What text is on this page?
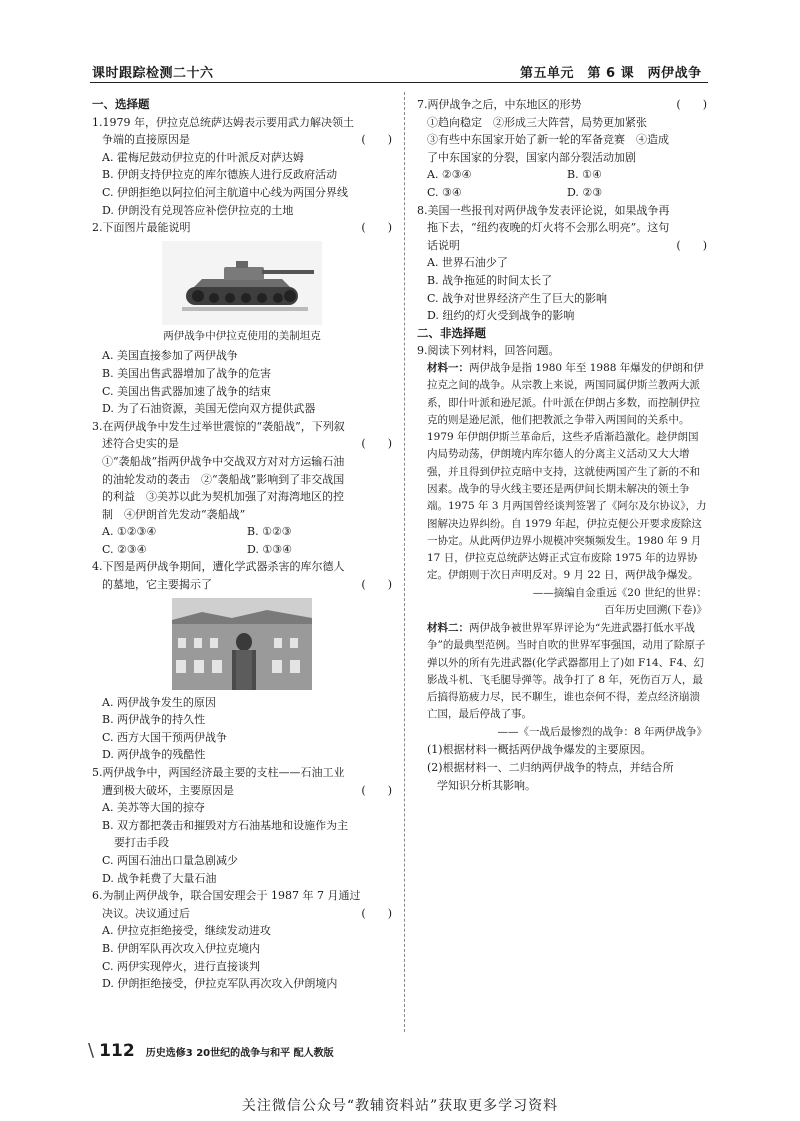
课时跟踪检测二十六	第五单元　第 6 课　两伊战争
一、选择题
1.1979 年，伊拉克总统萨达姆表示要用武力解决领土
争端的直接原因是	(　　)
A. 霍梅尼鼓动伊拉克的什叶派反对萨达姆
B. 伊朗支持伊拉克的库尔德族人进行反政府活动
C. 伊朗拒绝以阿拉伯河主航道中心线为两国分界线
D. 伊朗没有兑现答应补偿伊拉克的土地
2.下面图片最能说明	(　　)
两伊战争中伊拉克使用的美制坦克
A. 美国直接参加了两伊战争
B. 美国出售武器增加了战争的危害
C. 美国出售武器加速了战争的结束
D. 为了石油资源，美国无偿向双方提供武器
3.在两伊战争中发生过举世震惊的“袭船战”，下列叙
述符合史实的是	(　　)
①“袭船战”指两伊战争中交战双方对对方运输石油
的油轮发动的袭击　②“袭船战”影响到了非交战国
的利益　③美苏以此为契机加强了对海湾地区的控
制　④伊朗首先发动“袭船战”
A. ①②③④	B. ①②③
C. ②③④	D. ①③④
4.下图是两伊战争期间，遭化学武器杀害的库尔德人
的墓地，它主要揭示了	(　　)
A. 两伊战争发生的原因
B. 两伊战争的持久性
C. 西方大国干预两伊战争
D. 两伊战争的残酷性
5.两伊战争中，两国经济最主要的支柱——石油工业
遭到极大破坏，主要原因是	(　　)
A. 美苏等大国的掠夺
B. 双方都把袭击和摧毁对方石油基地和设施作为主
要打击手段
C. 两国石油出口量急剧减少
D. 战争耗费了大量石油
6.为制止两伊战争，联合国安理会于 1987 年 7 月通过
决议。决议通过后	(　　)
A. 伊拉克拒绝接受，继续发动进攻
B. 伊朗军队再次攻入伊拉克境内
C. 两伊实现停火，进行直接谈判
D. 伊朗拒绝接受，伊拉克军队再次攻入伊朗境内
7.两伊战争之后，中东地区的形势	(　　)
①趋向稳定　②形成三大阵营，局势更加紧张
③有些中东国家开始了新一轮的军备竞赛　④造成
了中东国家的分裂，国家内部分裂活动加剧
A. ②③④	B. ①④
C. ③④	D. ②③
8.美国一些报刊对两伊战争发表评论说，如果战争再
拖下去，“纽约夜晚的灯火将不会那么明亮”。这句
话说明	(　　)
A. 世界石油少了
B. 战争拖延的时间太长了
C. 战争对世界经济产生了巨大的影响
D. 纽约的灯火受到战争的影响
二、非选择题
9.阅读下列材料，回答问题。
材料一：两伊战争是指 1980 年至 1988 年爆发的伊朗和伊拉克之间的战争。从宗教上来说，两国同属伊斯兰教两大派系，即什叶派和逊尼派。什叶派在伊朗占多数，而控制伊拉克的则是逊尼派，他们把教派之争带入两国间的关系中。1979 年伊朗伊斯兰革命后，这些矛盾渐趋激化。趁伊朗国内局势动荡，伊朗境内库尔德人的分离主义活动又大大增强，并且得到伊拉克暗中支持，这就使两国产生了新的不和因素。战争的导火线主要还是两伊间长期未解决的领土争端。1975 年 3 月两国曾经谈判签署了《阿尔及尔协议》，力图解决边界纠纷。自 1979 年起，伊拉克便公开要求废除这一协定。从此两伊边界小规模冲突频频发生。1980 年 9 月 17 日，伊拉克总统萨达姆正式宣布废除 1975 年的边界协定。伊朗则于次日声明反对。9 月 22 日，两伊战争爆发。
——摘编自金重远《20 世纪的世界：
百年历史回溯(下卷)》
材料二：两伊战争被世界军界评论为“先进武器打低水平战争”的最典型范例。当时自吹的世界军事强国，动用了除原子弹以外的所有先进武器(化学武器都用上了)如 F14、F4、幻影战斗机、飞毛腿导弹等。战争打了 8 年，死伤百万人，最后搞得筋疲力尽，民不聊生，谁也奈何不得，差点经济崩溃亡国，最后停战了事。
——《一战后最惨烈的战争：8 年两伊战争》
(1)根据材料一概括两伊战争爆发的主要原因。
(2)根据材料一、二归纳两伊战争的特点，并结合所
学知识分析其影响。
\ 112 历史选修3 20世纪的战争与和平 配人教版
关注微信公众号“教辅资料站”获取更多学习资料
